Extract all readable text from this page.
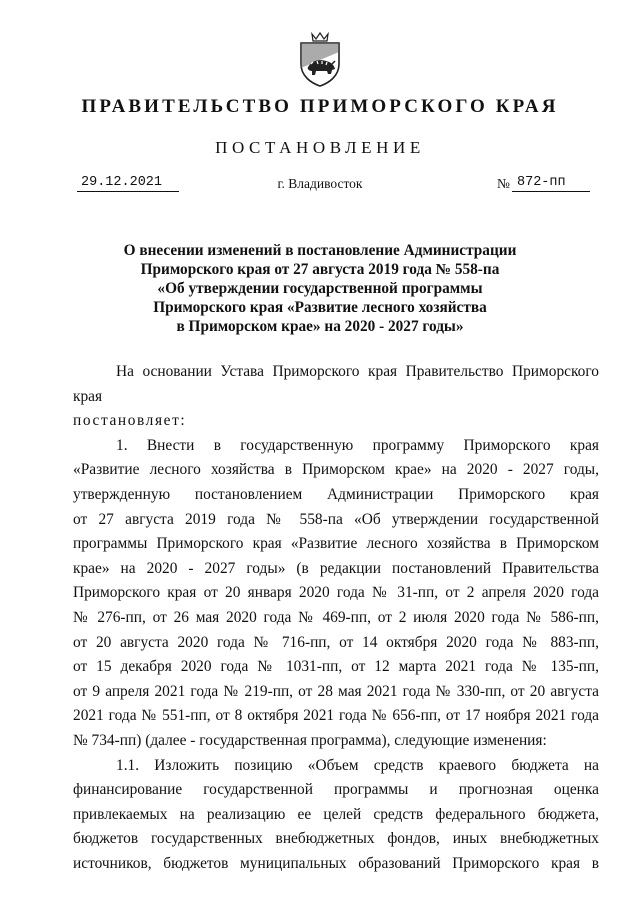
ПРАВИТЕЛЬСТВО ПРИМОРСКОГО КРАЯ
ПОСТАНОВЛЕНИЕ
29.12.2021	г. Владивосток	№ 872-пп
О внесении изменений в постановление Администрации
Приморского края от 27 августа 2019 года № 558-па
«Об утверждении государственной программы
Приморского края «Развитие лесного хозяйства
в Приморском крае» на 2020 - 2027 годы»

На основании Устава Приморского края Правительство Приморского края

постановляет:

1. Внести в государственную программу Приморского края

«Развитие лесного хозяйства в Приморском крае» на 2020 - 2027 годы,

утвержденную постановлением Администрации Приморского края

от 27 августа 2019 года № 558-па «Об утверждении государственной

программы Приморского края «Развитие лесного хозяйства в Приморском

крае» на 2020 - 2027 годы» (в редакции постановлений Правительства

Приморского края от 20 января 2020 года № 31-пп, от 2 апреля 2020 года

№ 276-пп, от 26 мая 2020 года № 469-пп, от 2 июля 2020 года № 586-пп,

от 20 августа 2020 года № 716-пп, от 14 октября 2020 года № 883-пп,

от 15 декабря 2020 года № 1031-пп, от 12 марта 2021 года № 135-пп,

от 9 апреля 2021 года № 219-пп, от 28 мая 2021 года № 330-пп, от 20 августа

2021 года № 551-пп, от 8 октября 2021 года № 656-пп, от 17 ноября 2021 года

№ 734-пп) (далее - государственная программа), следующие изменения:

1.1. Изложить позицию «Объем средств краевого бюджета на

финансирование государственной программы и прогнозная оценка

привлекаемых на реализацию ее целей средств федерального бюджета,

бюджетов государственных внебюджетных фондов, иных внебюджетных

источников, бюджетов муниципальных образований Приморского края в
